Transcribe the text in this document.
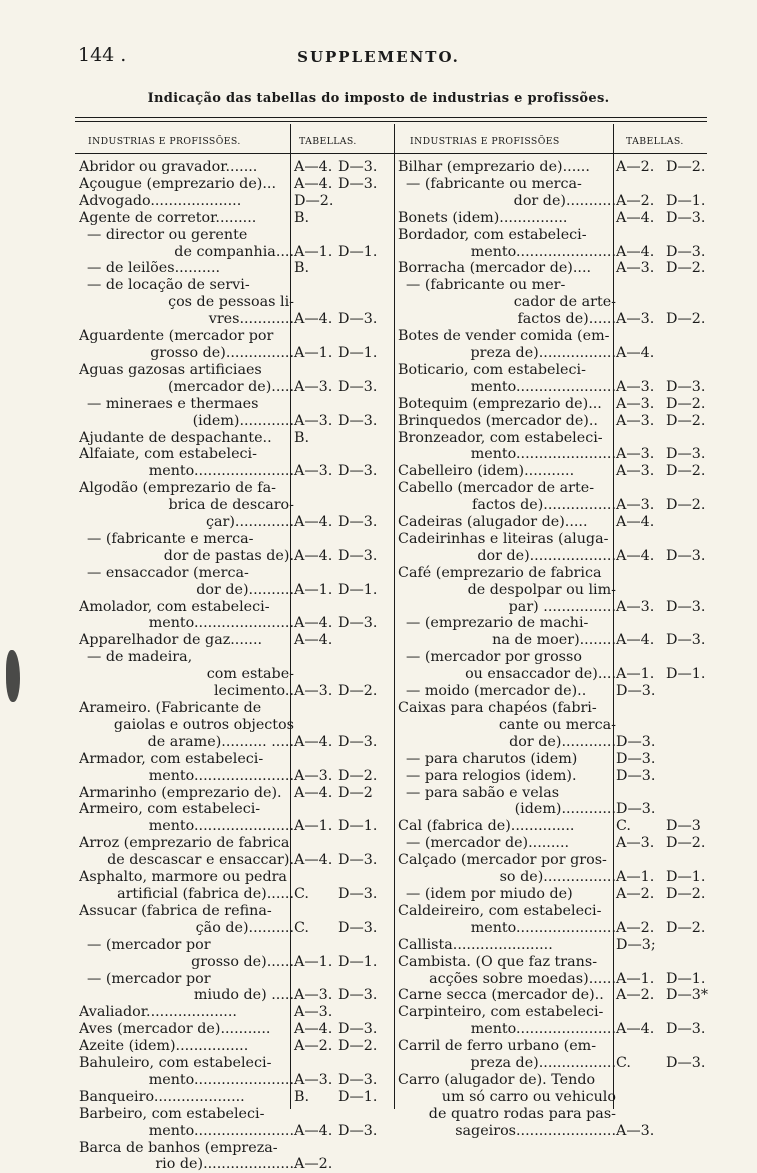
144 .	SUPPLEMENTO.
Indicação das tabellas do imposto de industrias e profissões.
INDUSTRIAS E PROFISSÕES.	TABELLAS.	INDUSTRIAS E PROFISSÕES	TABELLAS.
Abridor ou gravador.......	A—4. D—3.
Açougue (emprezario de)...	A—4. D—3.
Advogado....................	D—2.
Agente de corretor.........	B.
— director ou gerente
de companhia.... A—1. D—1.
— de leilões..........	B.
— de locação de servi-
ços de pessoas li-
vres............ A—4. D—3.
Aguardente (mercador por
grosso de)............... A—1. D—1.
Aguas gazosas artificiaes
(mercador de)..... A—3. D—3.
— mineraes e thermaes
(idem)............ A—3. D—3.
Ajudante de despachante..	B.
Alfaiate, com estabeleci-
mento...................... A—3. D—3.
Algodão (emprezario de fa-
brica de descaro-
çar)............. A—4. D—3.
— (fabricante e merca-
dor de pastas de). A—4. D—3.
— ensaccador (merca-
dor de).......... A—1. D—1.
Amolador, com estabeleci-
mento...................... A—4. D—3.
Apparelhador de gaz.......	A—4.
— de madeira,
com estabe-
lecimento.. A—3. D—2.
Arameiro. (Fabricante de
gaiolas e outros objectos
de arame).......... ..... A—4. D—3.
Armador, com estabeleci-
mento...................... A—3. D—2.
Armarinho (emprezario de). A—4. D—2
Armeiro, com estabeleci-
mento...................... A—1. D—1.
Arroz (emprezario de fabrica
de descascar e ensaccar). A—4. D—3.
Asphalto, marmore ou pedra
artificial (fabrica de)...... C.	D—3.
Assucar (fabrica de refina-
ção de).......... C.	D—3.
— (mercador por
grosso de)...... A—1. D—1.
— (mercador por
miudo de) ..... A—3. D—3.
Avaliador....................	A—3.
Aves (mercador de)...........	A—4. D—3.
Azeite (idem)................	A—2. D—2.
Bahuleiro, com estabeleci-
mento...................... A—3. D—3.
Banqueiro....................	B.	D—1.
Barbeiro, com estabeleci-
mento...................... A—4. D—3.
Barca de banhos (empreza-
rio de).................... A—2.
Bilhar (emprezario de)......	A—2. D—2.
— (fabricante ou merca-
dor de)........... A—2. D—1.
Bonets (idem)...............	A—4. D—3.
Bordador, com estabeleci-
mento...................... A—4. D—3.
Borracha (mercador de)....	A—3. D—2.
— (fabricante ou mer-
cador de arte-
factos de)...... A—3. D—2.
Botes de vender comida (em-
preza de)................. A—4.
Boticario, com estabeleci-
mento...................... A—3. D—3.
Botequim (emprezario de)... A—3. D—2.
Brinquedos (mercador de)..	A—3. D—2.
Bronzeador, com estabeleci-
mento...................... A—3. D—3.
Cabelleiro (idem)...........	A—3. D—2.
Cabello (mercador de arte-
factos de)................ A—3. D—2.
Cadeiras (alugador de).....	A—4.
Cadeirinhas e liteiras (aluga-
dor de)................... A—4. D—3.
Café (emprezario de fabrica
de despolpar ou lim-
par) ................ A—3. D—3.
— (emprezario de machi-
na de moer)........ A—4. D—3.
— (mercador por grosso
ou ensaccador de).... A—1. D—1.
— moido (mercador de)..	D—3.
Caixas para chapéos (fabri-
cante ou merca-
dor de)............ D—3.
— para charutos (idem)	D—3.
— para relogios (idem).	D—3.
— para sabão e velas
(idem)............ D—3.
Cal (fabrica de)..............	C.	D—3
— (mercador de).........	A—3. D—2.
Calçado (mercador por gros-
so de)................ A—1. D—1.
— (idem por miudo de)	A—2. D—2.
Caldeireiro, com estabeleci-
mento...................... A—2. D—2.
Callista......................	D—3;
Cambista. (O que faz trans-
acções sobre moedas)...... A—1. D—1.
Carne secca (mercador de).. A—2. D—3*
Carpinteiro, com estabeleci-
mento...................... A—4. D—3.
Carril de ferro urbano (em-
preza de)................. C.	D—3.
Carro (alugador de). Tendo
um só carro ou vehiculo
de quatro rodas para pas-
sageiros...................... A—3.
